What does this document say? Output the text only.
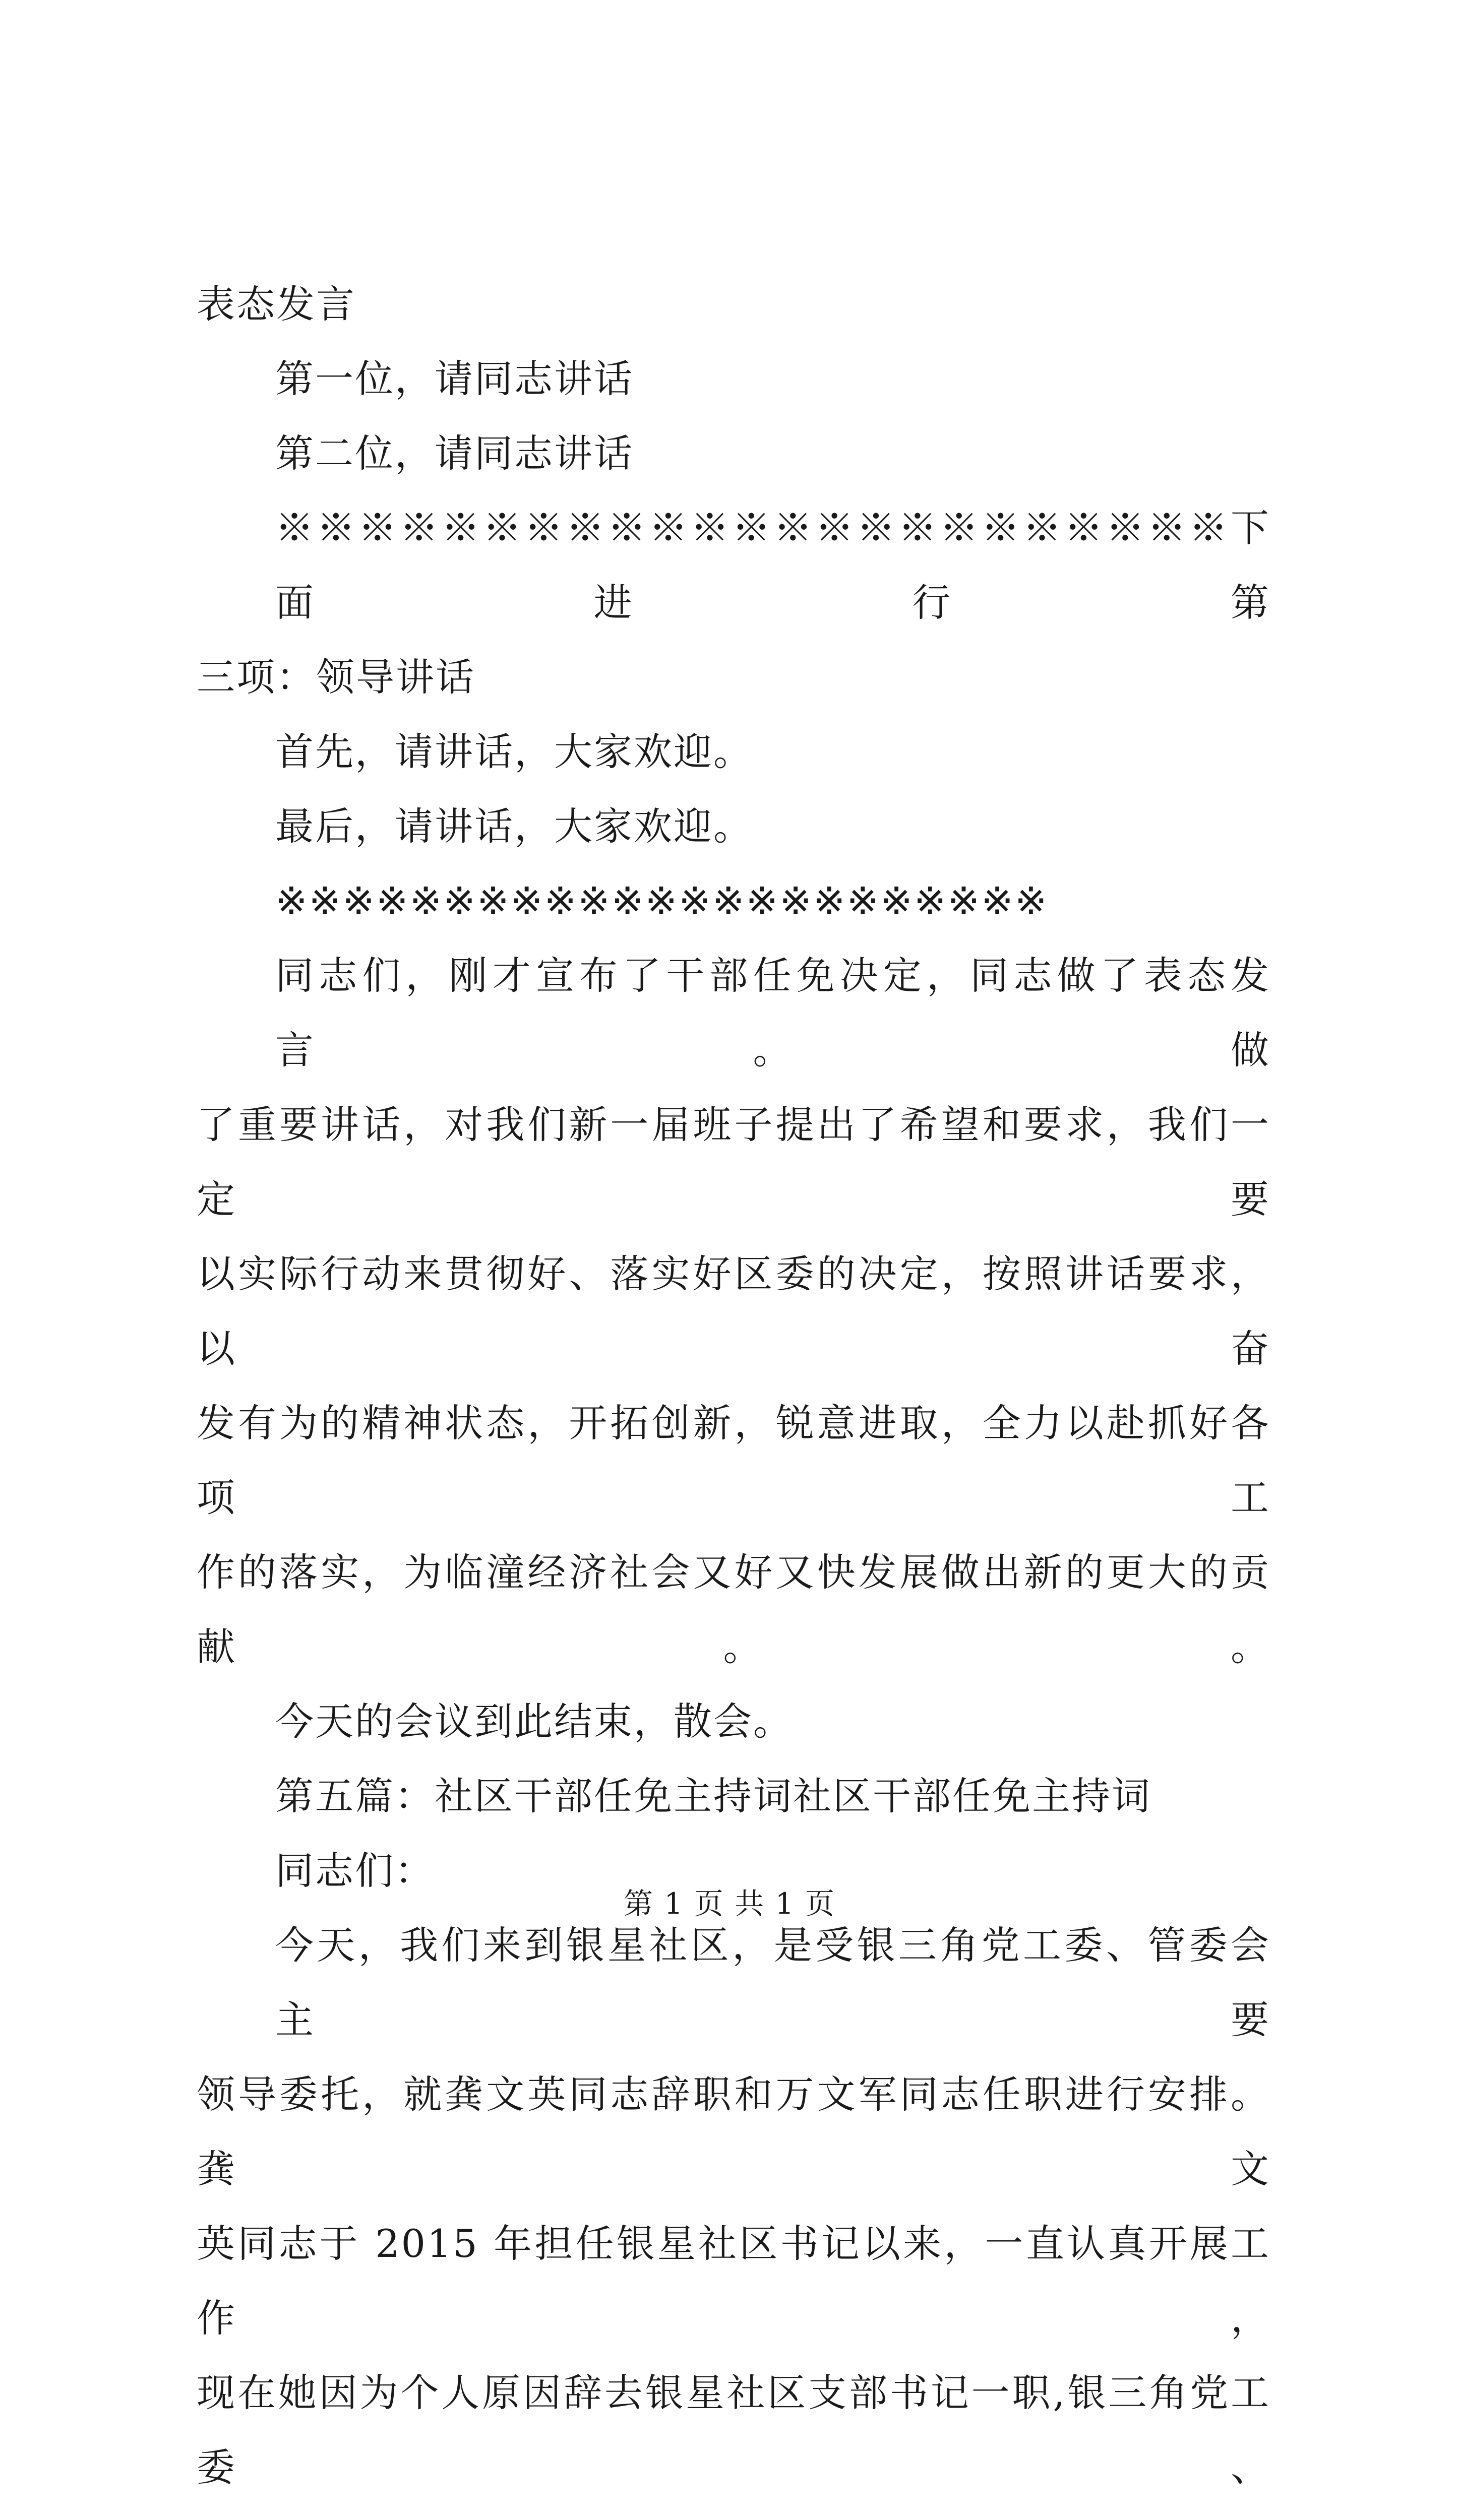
表态发言
第一位，请同志讲话
第二位，请同志讲话
※※※※※※※※※※※※※※※※※※※※※※※下面进行第
三项：领导讲话
首先，请讲话，大家欢迎。
最后，请讲话，大家欢迎。
※※※※※※※※※※※※※※※※※※※※※※※
同志们，刚才宣布了干部任免决定，同志做了表态发言。做
了重要讲话，对我们新一届班子提出了希望和要求，我们一定要
以实际行动来贯彻好、落实好区委的决定，按照讲话要求，以奋
发有为的精神状态，开拓创新，锐意进取，全力以赴抓好各项工
作的落实，为临潼经济社会又好又快发展做出新的更大的贡献。。
今天的会议到此结束，散会。
第五篇：社区干部任免主持词社区干部任免主持词
同志们：
今天，我们来到银星社区，是受银三角党工委、管委会主要
领导委托，就龚文英同志辞职和万文军同志任职进行安排。龚文
英同志于 2015 年担任银星社区书记以来，一直认真开展工作，
现在她因为个人原因辞去银星社区支部书记一职,银三角党工委、
第 1 页 共 1 页
